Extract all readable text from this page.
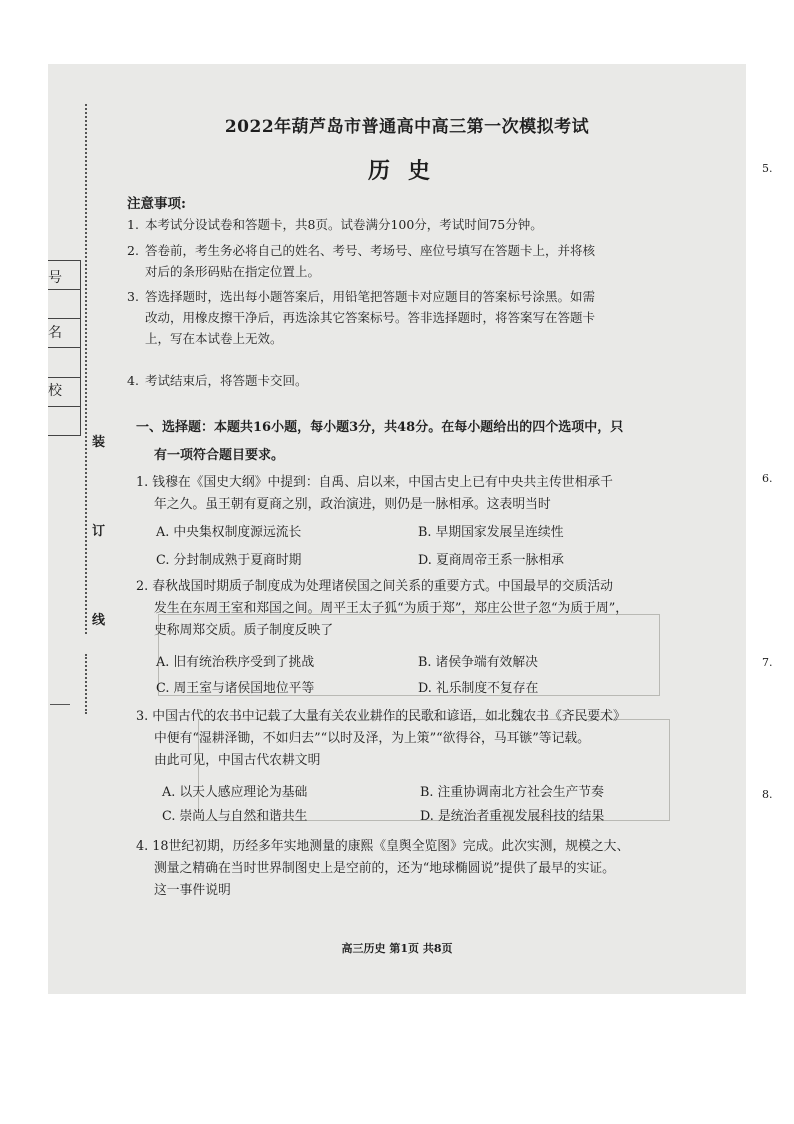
装
订
线
号
名
校
5.
6.
7.
8.
2022年葫芦岛市普通高中高三第一次模拟考试
历史
注意事项:
1. 本考试分设试卷和答题卡，共8页。试卷满分100分，考试时间75分钟。
2. 答卷前，考生务必将自己的姓名、考号、考场号、座位号填写在答题卡上，并将核
对后的条形码贴在指定位置上。
3. 答选择题时，选出每小题答案后，用铅笔把答题卡对应题目的答案标号涂黑。如需
改动，用橡皮擦干净后，再选涂其它答案标号。答非选择题时，将答案写在答题卡
上，写在本试卷上无效。
4. 考试结束后，将答题卡交回。
一、选择题：本题共16小题，每小题3分，共48分。在每小题给出的四个选项中，只
有一项符合题目要求。
1. 钱穆在《国史大纲》中提到：自禹、启以来，中国古史上已有中央共主传世相承千
年之久。虽王朝有夏商之别，政治演进，则仍是一脉相承。这表明当时
A. 中央集权制度源远流长	B. 早期国家发展呈连续性
C. 分封制成熟于夏商时期	D. 夏商周帝王系一脉相承
2. 春秋战国时期质子制度成为处理诸侯国之间关系的重要方式。中国最早的交质活动
发生在东周王室和郑国之间。周平王太子狐“为质于郑”，郑庄公世子忽“为质于周”，
史称周郑交质。质子制度反映了
A. 旧有统治秩序受到了挑战	B. 诸侯争端有效解决
C. 周王室与诸侯国地位平等	D. 礼乐制度不复存在
3. 中国古代的农书中记载了大量有关农业耕作的民歌和谚语，如北魏农书《齐民要术》
中便有“湿耕泽锄，不如归去”“以时及泽，为上策”“欲得谷，马耳镞”等记载。
由此可见，中国古代农耕文明
A. 以天人感应理论为基础	B. 注重协调南北方社会生产节奏
C. 崇尚人与自然和谐共生	D. 是统治者重视发展科技的结果
4. 18世纪初期，历经多年实地测量的康熙《皇舆全览图》完成。此次实测，规模之大、
测量之精确在当时世界制图史上是空前的，还为“地球椭圆说”提供了最早的实证。
这一事件说明
高三历史 第1页 共8页
